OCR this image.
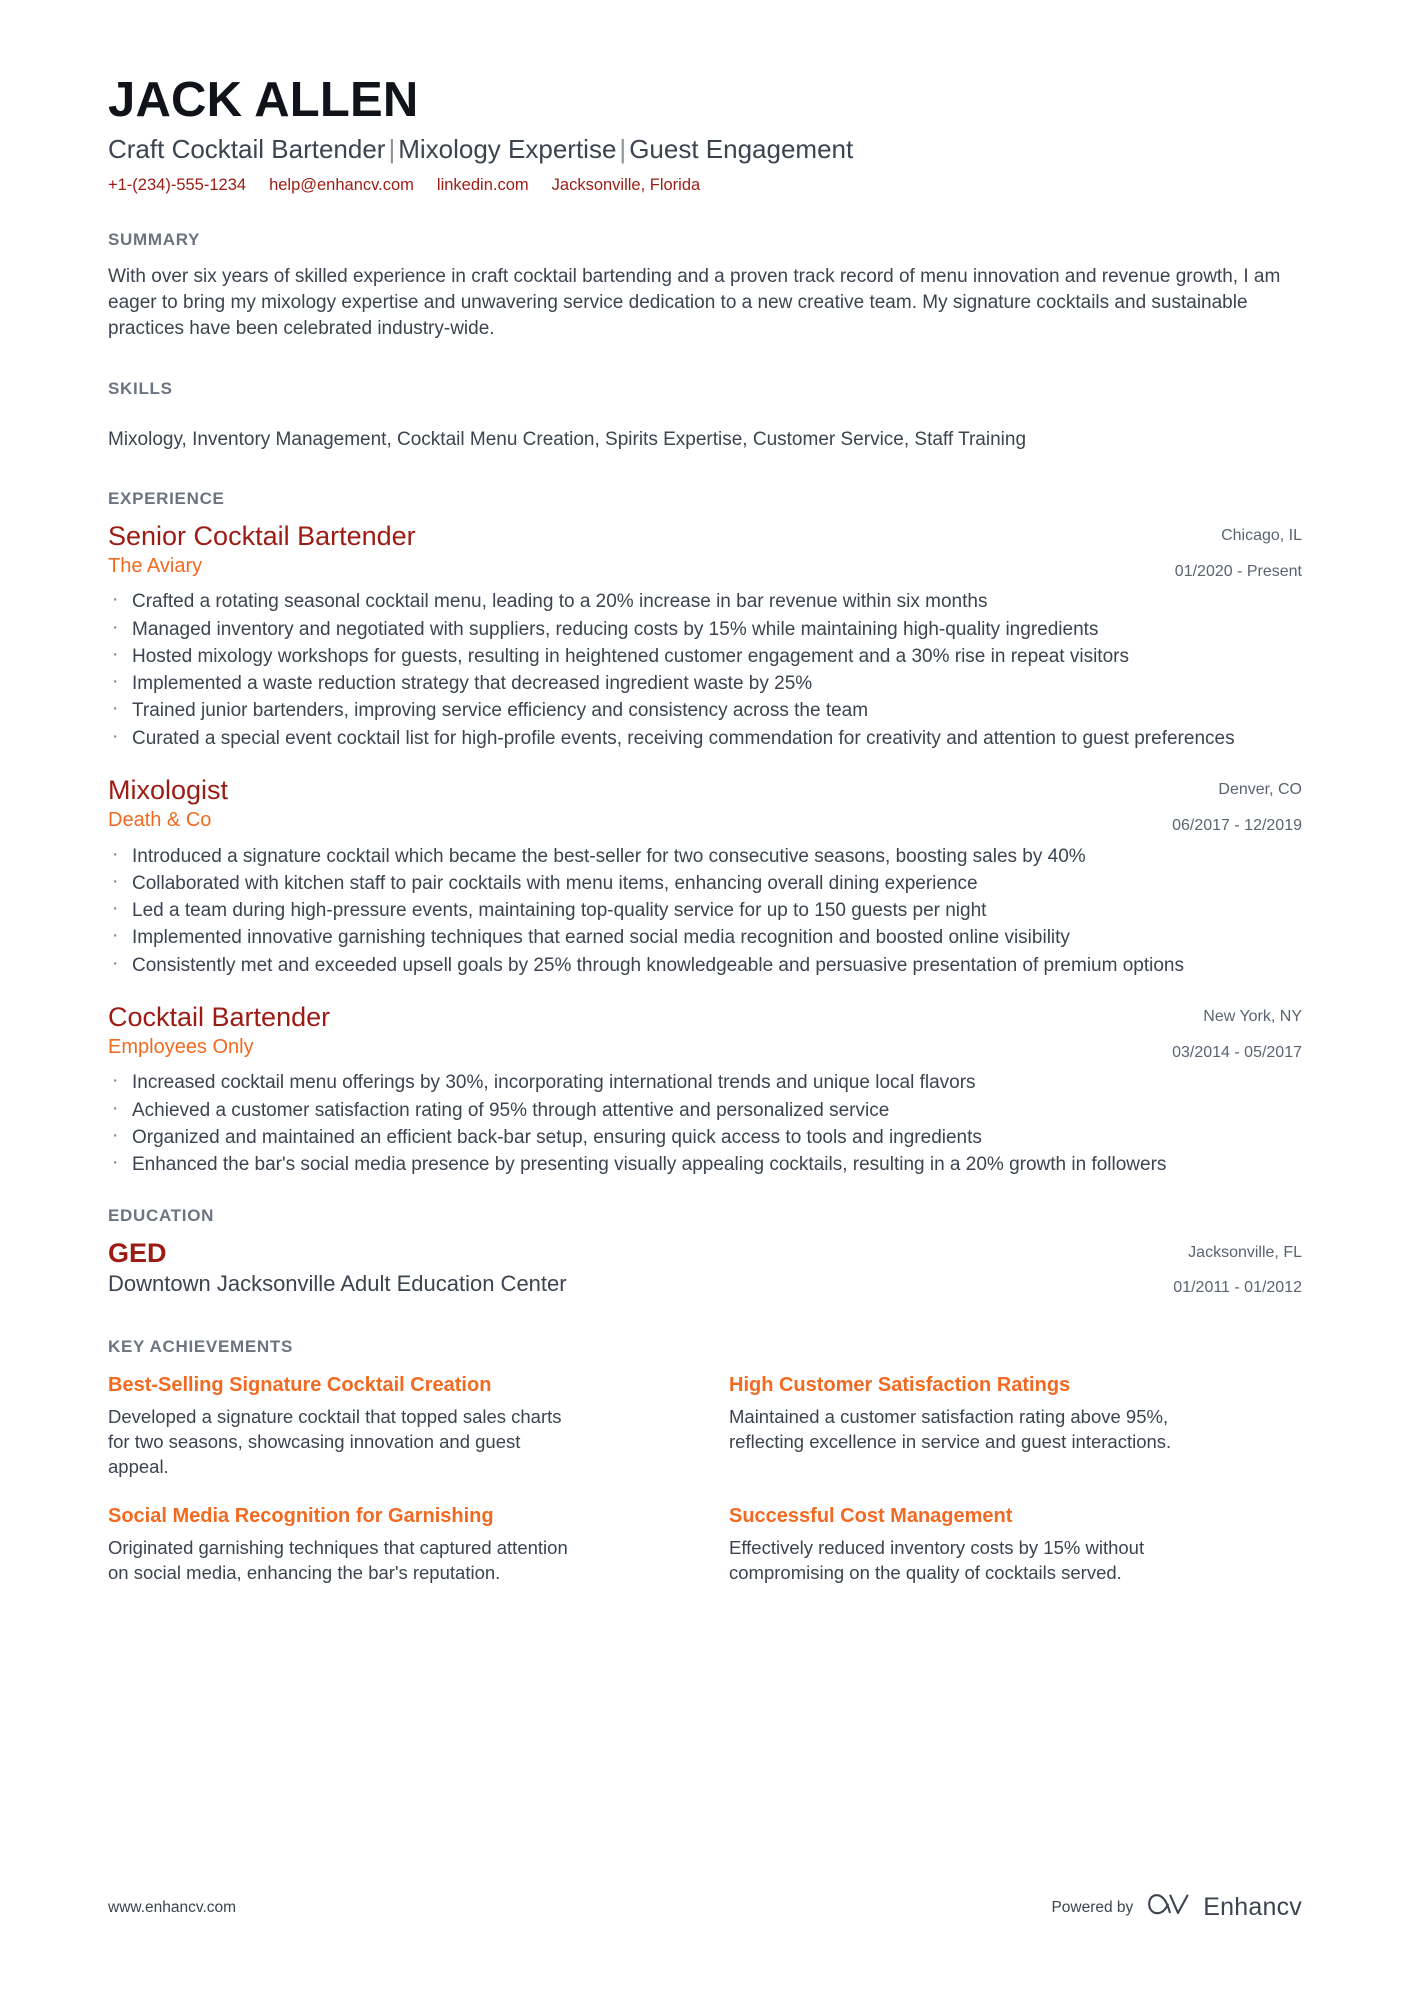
JACK ALLEN
Craft Cocktail Bartender | Mixology Expertise | Guest Engagement
+1-(234)-555-1234 help@enhancv.com linkedin.com Jacksonville, Florida
SUMMARY

With over six years of skilled experience in craft cocktail bartending and a proven track record of menu innovation and revenue growth, I am eager to bring my mixology expertise and unwavering service dedication to a new creative team. My signature cocktails and sustainable practices have been celebrated industry-wide.

SKILLS

Mixology, Inventory Management, Cocktail Menu Creation, Spirits Expertise, Customer Service, Staff Training

EXPERIENCE
Senior Cocktail Bartender
The Aviary
Chicago, IL
01/2020 - Present
· Crafted a rotating seasonal cocktail menu, leading to a 20% increase in bar revenue within six months
· Managed inventory and negotiated with suppliers, reducing costs by 15% while maintaining high-quality ingredients
· Hosted mixology workshops for guests, resulting in heightened customer engagement and a 30% rise in repeat visitors
· Implemented a waste reduction strategy that decreased ingredient waste by 25%
· Trained junior bartenders, improving service efficiency and consistency across the team
· Curated a special event cocktail list for high-profile events, receiving commendation for creativity and attention to guest preferences
Mixologist
Death & Co
Denver, CO
06/2017 - 12/2019
· Introduced a signature cocktail which became the best-seller for two consecutive seasons, boosting sales by 40%
· Collaborated with kitchen staff to pair cocktails with menu items, enhancing overall dining experience
· Led a team during high-pressure events, maintaining top-quality service for up to 150 guests per night
· Implemented innovative garnishing techniques that earned social media recognition and boosted online visibility
· Consistently met and exceeded upsell goals by 25% through knowledgeable and persuasive presentation of premium options
Cocktail Bartender
Employees Only
New York, NY
03/2014 - 05/2017
· Increased cocktail menu offerings by 30%, incorporating international trends and unique local flavors
· Achieved a customer satisfaction rating of 95% through attentive and personalized service
· Organized and maintained an efficient back-bar setup, ensuring quick access to tools and ingredients
· Enhanced the bar's social media presence by presenting visually appealing cocktails, resulting in a 20% growth in followers
EDUCATION
GED
Downtown Jacksonville Adult Education Center
Jacksonville, FL
01/2011 - 01/2012
KEY ACHIEVEMENTS
Best-Selling Signature Cocktail Creation

Developed a signature cocktail that topped sales charts for two seasons, showcasing innovation and guest appeal.

High Customer Satisfaction Ratings

Maintained a customer satisfaction rating above 95%, reflecting excellence in service and guest interactions.

Social Media Recognition for Garnishing

Originated garnishing techniques that captured attention on social media, enhancing the bar's reputation.

Successful Cost Management

Effectively reduced inventory costs by 15% without compromising on the quality of cocktails served.

www.enhancv.com	Powered by	Enhancv
